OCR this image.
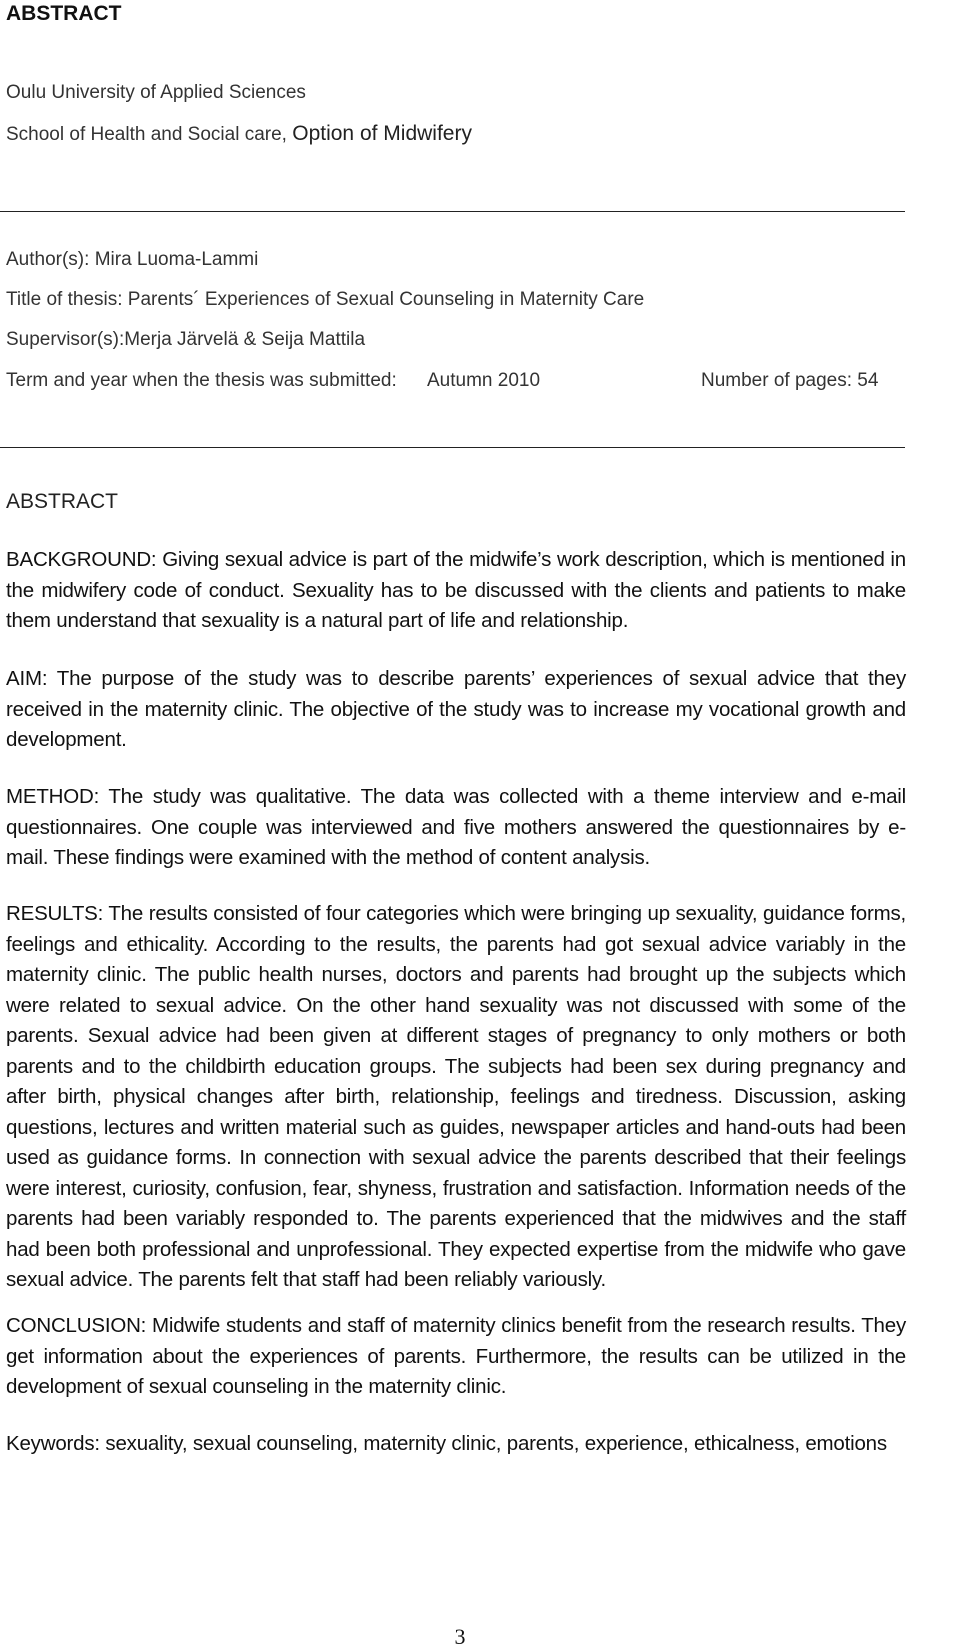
ABSTRACT
Oulu University of Applied Sciences
School of Health and Social care, Option of Midwifery
Author(s): Mira Luoma-Lammi
Title of thesis: Parents´ Experiences of Sexual Counseling in Maternity Care
Supervisor(s):Merja Järvelä & Seija Mattila
Term and year when the thesis was submitted: Autumn 2010	Number of pages: 54
ABSTRACT
BACKGROUND: Giving sexual advice is part of the midwife’s work description, which is mentioned in the midwifery code of conduct. Sexuality has to be discussed with the clients and patients to make them understand that sexuality is a natural part of life and relationship.
AIM: The purpose of the study was to describe parents’ experiences of sexual advice that they received in the maternity clinic. The objective of the study was to increase my vocational growth and development.
METHOD: The study was qualitative. The data was collected with a theme interview and e-mail questionnaires. One couple was interviewed and five mothers answered the questionnaires by e-mail. These findings were examined with the method of content analysis.
RESULTS: The results consisted of four categories which were bringing up sexuality, guidance forms, feelings and ethicality. According to the results, the parents had got sexual advice variably in the maternity clinic. The public health nurses, doctors and parents had brought up the subjects which were related to sexual advice. On the other hand sexuality was not discussed with some of the parents. Sexual advice had been given at different stages of pregnancy to only mothers or both parents and to the childbirth education groups. The subjects had been sex during pregnancy and after birth, physical changes after birth, relationship, feelings and tiredness. Discussion, asking questions, lectures and written material such as guides, newspaper articles and hand-outs had been used as guidance forms. In connection with sexual advice the parents described that their feelings were interest, curiosity, confusion, fear, shyness, frustration and satisfaction. Information needs of the parents had been variably responded to. The parents experienced that the midwives and the staff had been both professional and unprofessional. They expected expertise from the midwife who gave sexual advice. The parents felt that staff had been reliably variously.
CONCLUSION: Midwife students and staff of maternity clinics benefit from the research results. They get information about the experiences of parents. Furthermore, the results can be utilized in the development of sexual counseling in the maternity clinic.
Keywords: sexuality, sexual counseling, maternity clinic, parents, experience, ethicalness, emotions
3
